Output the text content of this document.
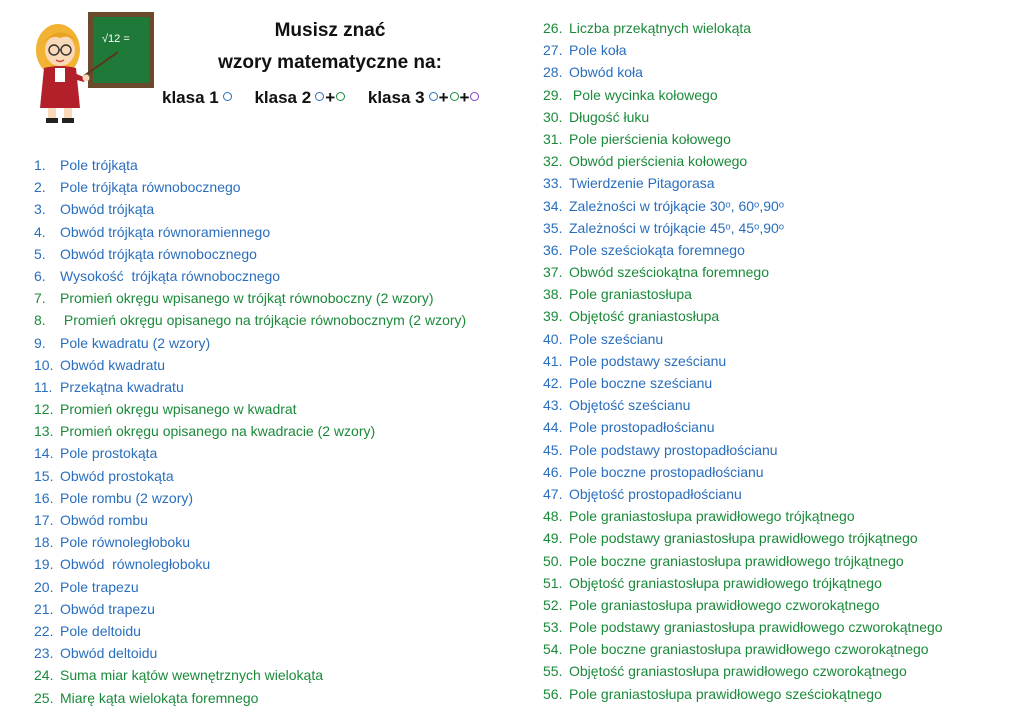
√12 =	Musisz znać
wzory matematyczne na:
klasa 1
klasa 2 +
klasa 3 + +
1.	Pole trójkąta
2.	Pole trójkąta równobocznego
3.	Obwód trójkąta
4.	Obwód trójkąta równoramiennego
5.	Obwód trójkąta równobocznego
6.	Wysokość  trójkąta równobocznego
7.	Promień okręgu wpisanego w trójkąt równoboczny (2 wzory)
8.	Promień okręgu opisanego na trójkącie równobocznym (2 wzory)
9.	Pole kwadratu (2 wzory)
10. Obwód kwadratu
11. Przekątna kwadratu
12. Promień okręgu wpisanego w kwadrat
13. Promień okręgu opisanego na kwadracie (2 wzory)
14. Pole prostokąta
15. Obwód prostokąta
16. Pole rombu (2 wzory)
17. Obwód rombu
18. Pole równoległoboku
19. Obwód  równoległoboku
20. Pole trapezu
21. Obwód trapezu
22. Pole deltoidu
23. Obwód deltoidu
24. Suma miar kątów wewnętrznych wielokąta
25. Miarę kąta wielokąta foremnego
26. Liczba przekątnych wielokąta
27. Pole koła
28. Obwód koła
29. Pole wycinka kołowego
30. Długość łuku
31. Pole pierścienia kołowego
32. Obwód pierścienia kołowego
33. Twierdzenie Pitagorasa
34. Zależności w trójkącie 30ᵒ, 60ᵒ,90ᵒ
35. Zależności w trójkącie 45ᵒ, 45ᵒ,90ᵒ
36. Pole sześciokąta foremnego
37. Obwód sześciokątna foremnego
38. Pole graniastosłupa
39. Objętość graniastosłupa
40. Pole sześcianu
41. Pole podstawy sześcianu
42. Pole boczne sześcianu
43. Objętość sześcianu
44. Pole prostopadłościanu
45. Pole podstawy prostopadłościanu
46. Pole boczne prostopadłościanu
47. Objętość prostopadłościanu
48. Pole graniastosłupa prawidłowego trójkątnego
49. Pole podstawy graniastosłupa prawidłowego trójkątnego
50. Pole boczne graniastosłupa prawidłowego trójkątnego
51. Objętość graniastosłupa prawidłowego trójkątnego
52. Pole graniastosłupa prawidłowego czworokątnego
53. Pole podstawy graniastosłupa prawidłowego czworokątnego
54. Pole boczne graniastosłupa prawidłowego czworokątnego
55. Objętość graniastosłupa prawidłowego czworokątnego
56. Pole graniastosłupa prawidłowego sześciokątnego
